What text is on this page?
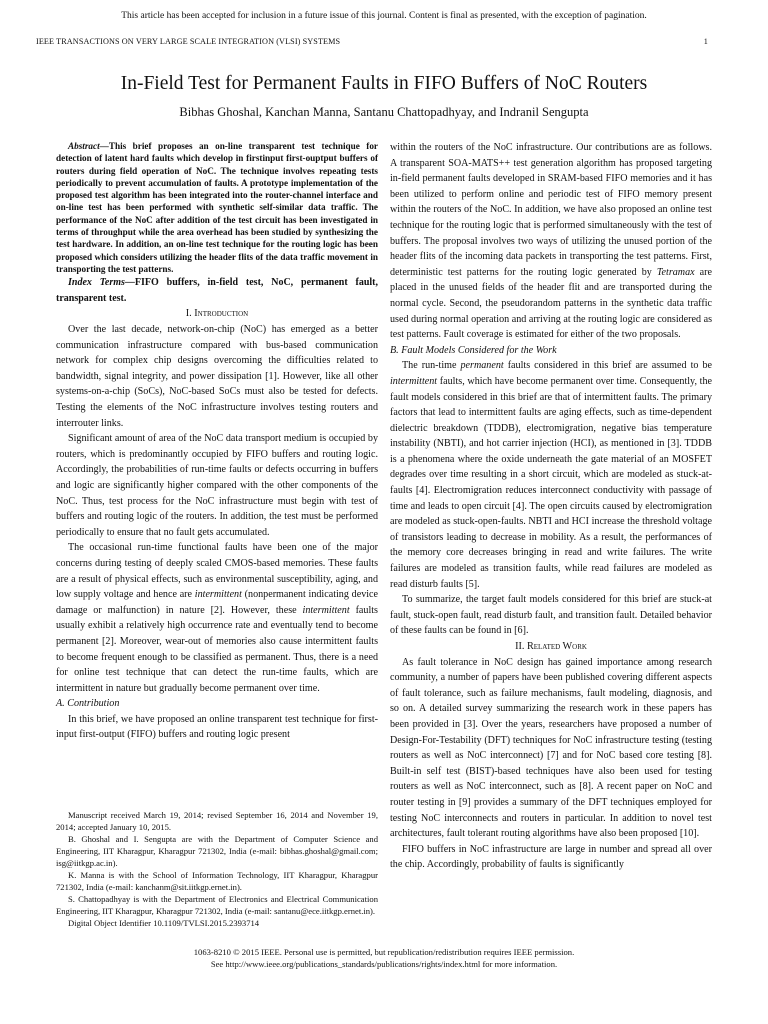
This article has been accepted for inclusion in a future issue of this journal. Content is final as presented, with the exception of pagination.
IEEE TRANSACTIONS ON VERY LARGE SCALE INTEGRATION (VLSI) SYSTEMS	1
In-Field Test for Permanent Faults in FIFO Buffers of NoC Routers
Bibhas Ghoshal, Kanchan Manna, Santanu Chattopadhyay, and Indranil Sengupta

Abstract—This brief proposes an on-line transparent test technique for detection of latent hard faults which develop in firstinput first-ouptput buffers of routers during field operation of NoC. The technique involves repeating tests periodically to prevent accumulation of faults. A prototype implementation of the proposed test algorithm has been integrated into the router-channel interface and on-line test has been performed with synthetic self-similar data traffic. The performance of the NoC after addition of the test circuit has been investigated in terms of throughput while the area overhead has been studied by synthesizing the test hardware. In addition, an on-line test technique for the routing logic has been proposed which considers utilizing the header flits of the data traffic movement in transporting the test patterns.

Index Terms—FIFO buffers, in-field test, NoC, permanent fault, transparent test.

I. Introduction

Over the last decade, network-on-chip (NoC) has emerged as a better communication infrastructure compared with bus-based communication network for complex chip designs overcoming the difficulties related to bandwidth, signal integrity, and power dissipation [1]. However, like all other systems-on-a-chip (SoCs), NoC-based SoCs must also be tested for defects. Testing the elements of the NoC infrastructure involves testing routers and interrouter links.

Significant amount of area of the NoC data transport medium is occupied by routers, which is predominantly occupied by FIFO buffers and routing logic. Accordingly, the probabilities of run-time faults or defects occurring in buffers and logic are significantly higher compared with the other components of the NoC. Thus, test process for the NoC infrastructure must begin with test of buffers and routing logic of the routers. In addition, the test must be performed periodically to ensure that no fault gets accumulated.

The occasional run-time functional faults have been one of the major concerns during testing of deeply scaled CMOS-based memories. These faults are a result of physical effects, such as environmental susceptibility, aging, and low supply voltage and hence are intermittent (nonpermanent indicating device damage or malfunction) in nature [2]. However, these intermittent faults usually exhibit a relatively high occurrence rate and eventually tend to become permanent [2]. Moreover, wear-out of memories also cause intermittent faults to become frequent enough to be classified as permanent. Thus, there is a need for online test technique that can detect the run-time faults, which are intermittent in nature but gradually become permanent over time.

A. Contribution

In this brief, we have proposed an online transparent test technique for first-input first-output (FIFO) buffers and routing logic present

Manuscript received March 19, 2014; revised September 16, 2014 and November 19, 2014; accepted January 10, 2015.

B. Ghoshal and I. Sengupta are with the Department of Computer Science and Engineering, IIT Kharagpur, Kharagpur 721302, India (e-mail: bibhas.ghoshal@gmail.com; isg@iitkgp.ac.in).

K. Manna is with the School of Information Technology, IIT Kharagpur, Kharagpur 721302, India (e-mail: kanchanm@sit.iitkgp.ernet.in).

S. Chattopadhyay is with the Department of Electronics and Electrical Communication Engineering, IIT Kharagpur, Kharagpur 721302, India (e-mail: santanu@ece.iitkgp.ernet.in).

Digital Object Identifier 10.1109/TVLSI.2015.2393714

within the routers of the NoC infrastructure. Our contributions are as follows. A transparent SOA-MATS++ test generation algorithm has proposed targeting in-field permanent faults developed in SRAM-based FIFO memories and it has been utilized to perform online and periodic test of FIFO memory present within the routers of the NoC. In addition, we have also proposed an online test technique for the routing logic that is performed simultaneously with the test of buffers. The proposal involves two ways of utilizing the unused portion of the header flits of the incoming data packets in transporting the test patterns. First, deterministic test patterns for the routing logic generated by Tetramax are placed in the unused fields of the header flit and are transported during the normal cycle. Second, the pseudorandom patterns in the synthetic data traffic used during normal operation and arriving at the routing logic are considered as test patterns. Fault coverage is estimated for either of the two proposals.

B. Fault Models Considered for the Work

The run-time permanent faults considered in this brief are assumed to be intermittent faults, which have become permanent over time. Consequently, the fault models considered in this brief are that of intermittent faults. The primary factors that lead to intermittent faults are aging effects, such as time-dependent dielectric breakdown (TDDB), electromigration, negative bias temperature instability (NBTI), and hot carrier injection (HCI), as mentioned in [3]. TDDB is a phenomena where the oxide underneath the gate material of an MOSFET degrades over time resulting in a short circuit, which are modeled as stuck-at-faults [4]. Electromigration reduces interconnect conductivity with passage of time and leads to open circuit [4]. The open circuits caused by electromigration are modeled as stuck-open-faults. NBTI and HCI increase the threshold voltage of transistors leading to decrease in mobility. As a result, the performances of the memory core decreases bringing in read and write failures. The write failures are modeled as transition faults, while read failures are modeled as read disturb faults [5].

To summarize, the target fault models considered for this brief are stuck-at fault, stuck-open fault, read disturb fault, and transition fault. Detailed behavior of these faults can be found in [6].

II. Related Work

As fault tolerance in NoC design has gained importance among research community, a number of papers have been published covering different aspects of fault tolerance, such as failure mechanisms, fault modeling, diagnosis, and so on. A detailed survey summarizing the research work in these papers has been provided in [3]. Over the years, researchers have proposed a number of Design-For-Testability (DFT) techniques for NoC infrastructure testing (testing routers as well as NoC interconnect) [7] and for NoC based core testing [8]. Built-in self test (BIST)-based techniques have also been used for testing routers as well as NoC interconnect, such as [8]. A recent paper on NoC and router testing in [9] provides a summary of the DFT techniques employed for testing NoC interconnects and routers in particular. In addition to novel test architectures, fault tolerant routing algorithms have also been proposed [10].

FIFO buffers in NoC infrastructure are large in number and spread all over the chip. Accordingly, probability of faults is significantly

1063-8210 © 2015 IEEE. Personal use is permitted, but republication/redistribution requires IEEE permission.
See http://www.ieee.org/publications_standards/publications/rights/index.html for more information.
